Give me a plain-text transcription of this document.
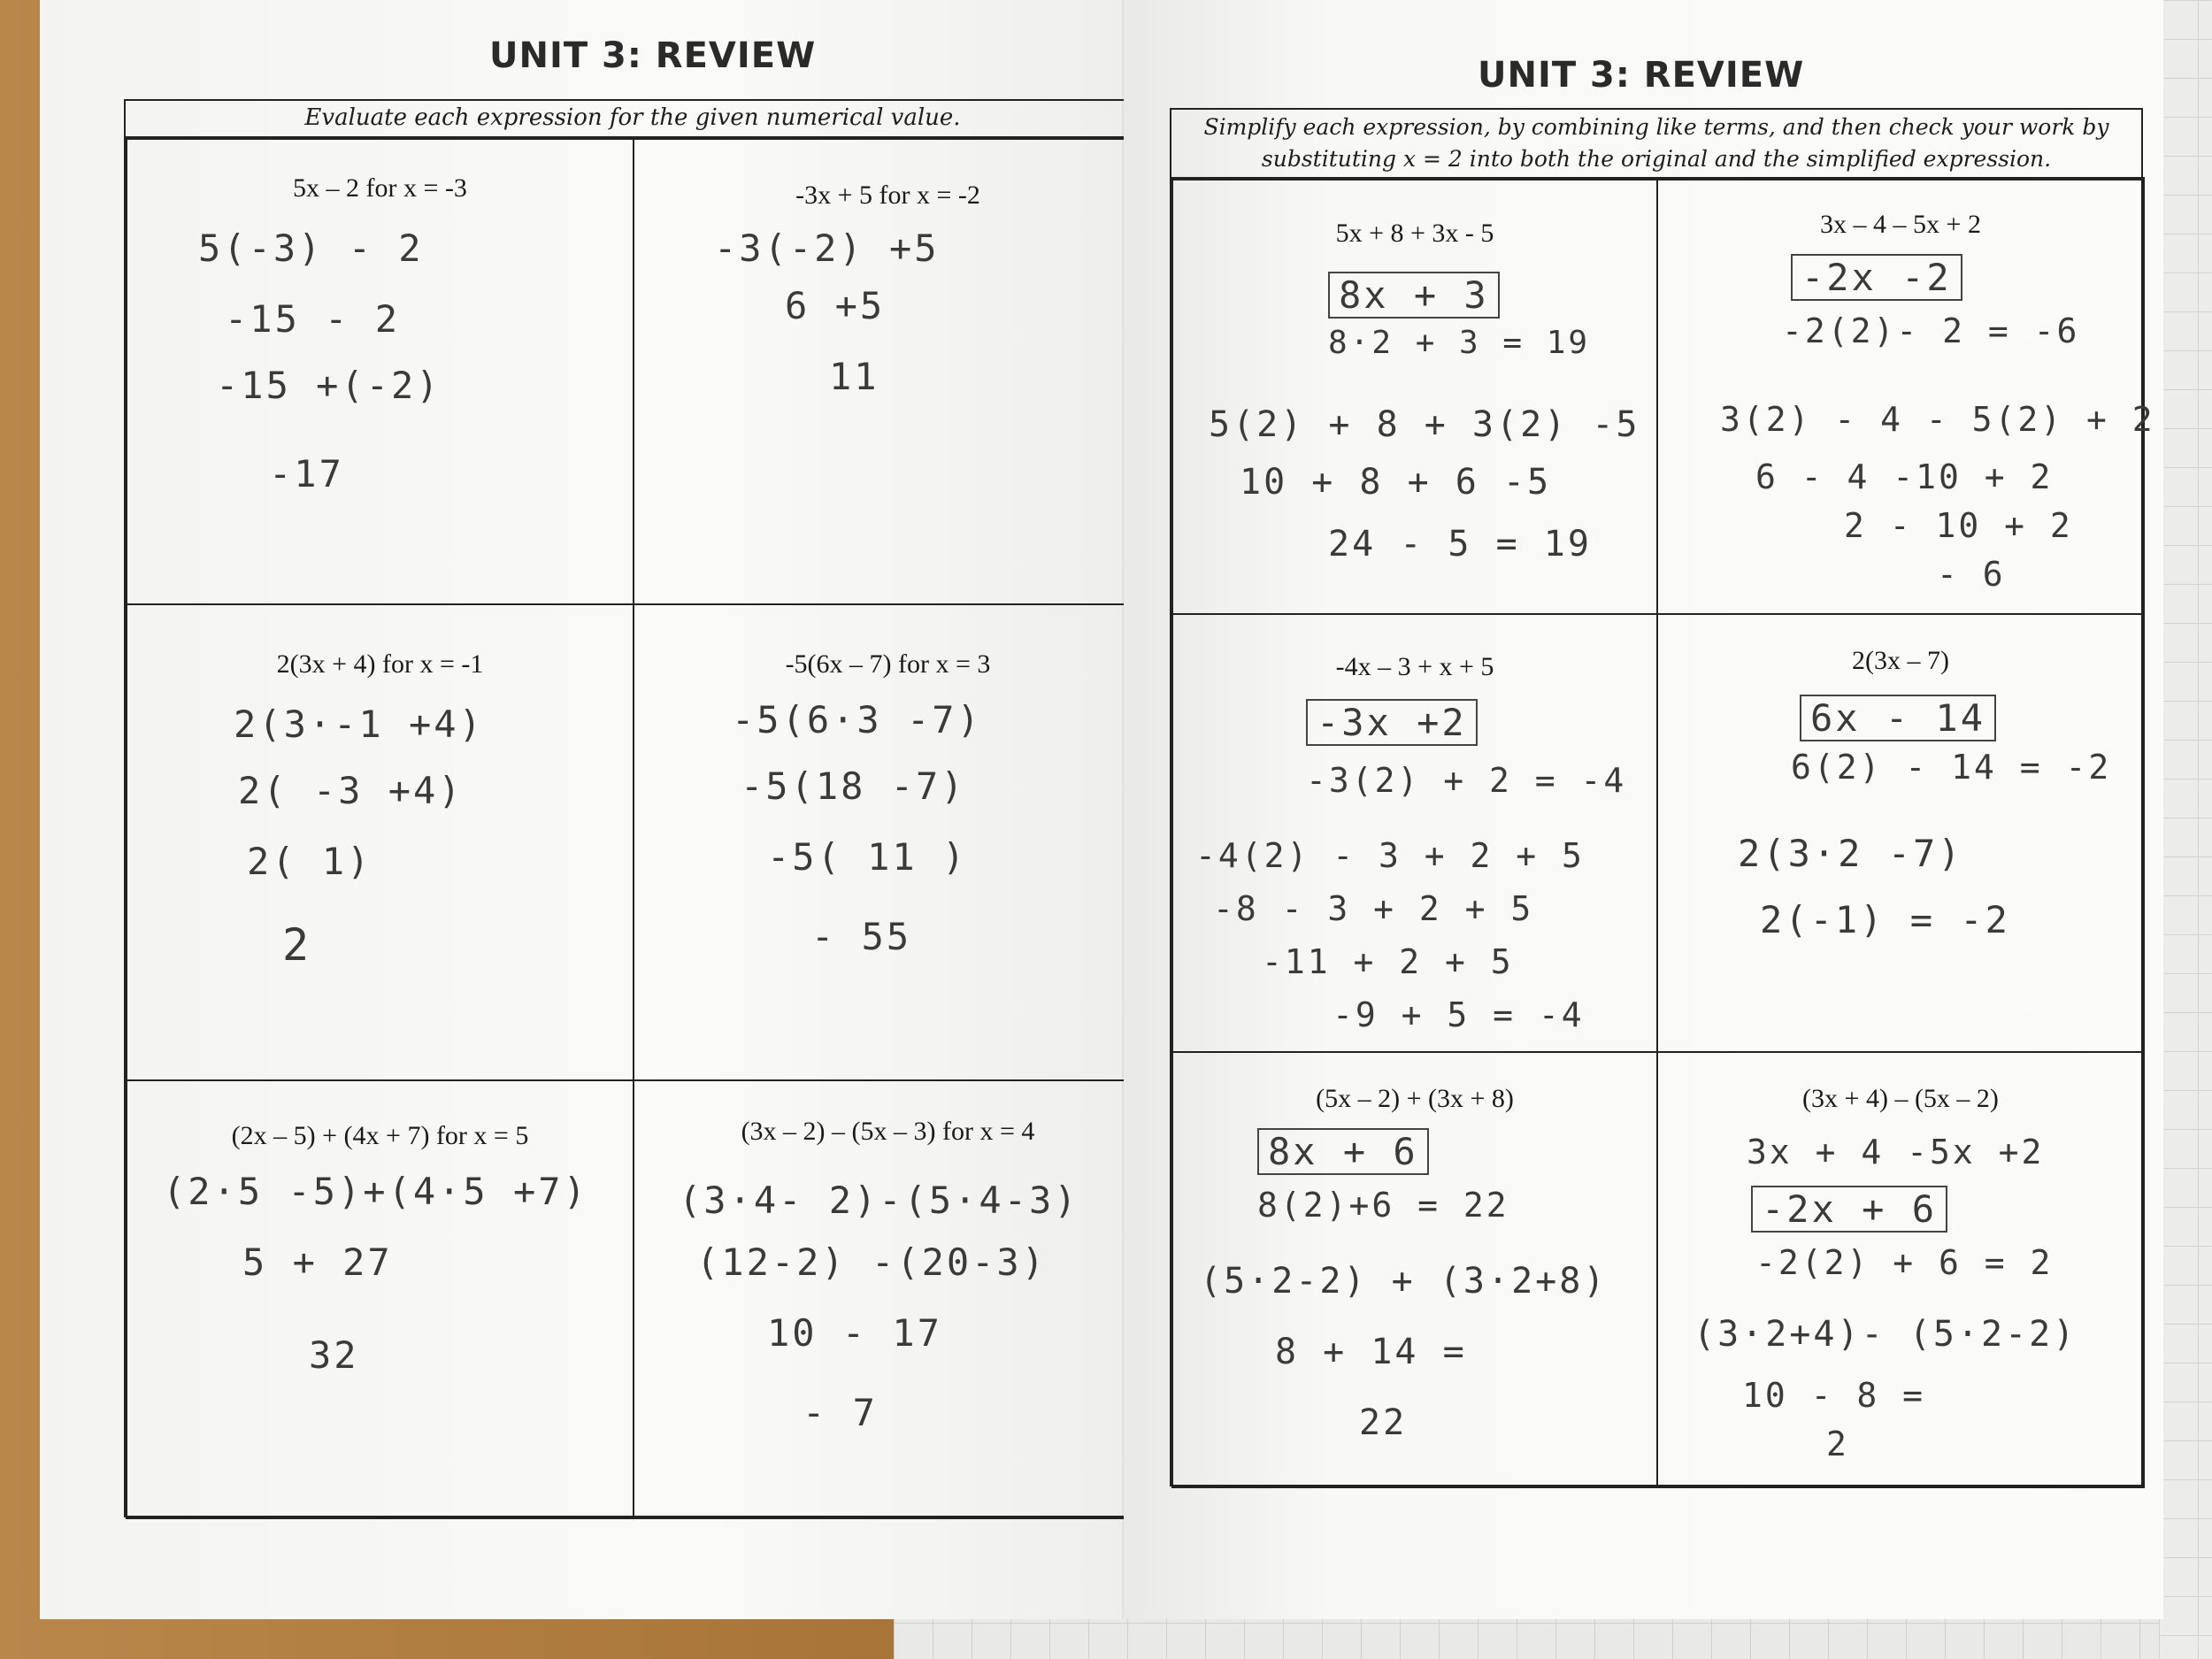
UNIT 3: REVIEW
Evaluate each expression for the given numerical value.
5x – 2 for x = -3
5(-3) - 2
-15 - 2
-15 +(-2)
-17
-3x + 5 for x = -2
-3(-2) +5
6 +5
11
2(3x + 4) for x = -1
2(3·-1 +4)
2( -3 +4)
2( 1)
2
-5(6x – 7) for x = 3
-5(6·3 -7)
-5(18 -7)
-5( 11 )
- 55
(2x – 5) + (4x + 7) for x = 5
(2·5 -5)+(4·5 +7)
5 + 27
32
(3x – 2) – (5x – 3) for x = 4
(3·4- 2)-(5·4-3)
(12-2) -(20-3)
10 - 17
- 7
UNIT 3: REVIEW
Simplify each expression, by combining like terms, and then check your work by
substituting x = 2 into both the original and the simplified expression.
5x + 8 + 3x - 5
8x + 3
8·2 + 3 = 19
5(2) + 8 + 3(2) -5
10 + 8 + 6 -5
24 - 5 = 19
3x – 4 – 5x + 2
-2x -2
-2(2)- 2 = -6
3(2) - 4 - 5(2) + 2
6 - 4 -10 + 2
2 - 10 + 2
- 6
-4x – 3 + x + 5
-3x +2
-3(2) + 2 = -4
-4(2) - 3 + 2 + 5
-8 - 3 + 2 + 5
-11 + 2 + 5
-9 + 5 = -4
2(3x – 7)
6x - 14
6(2) - 14 = -2
2(3·2 -7)
2(-1) = -2
(5x – 2) + (3x + 8)
8x + 6
8(2)+6 = 22
(5·2-2) + (3·2+8)
8 + 14 =
22
(3x + 4) – (5x – 2)
3x + 4 -5x +2
-2x + 6
-2(2) + 6 = 2
(3·2+4)- (5·2-2)
10 - 8 =
2
